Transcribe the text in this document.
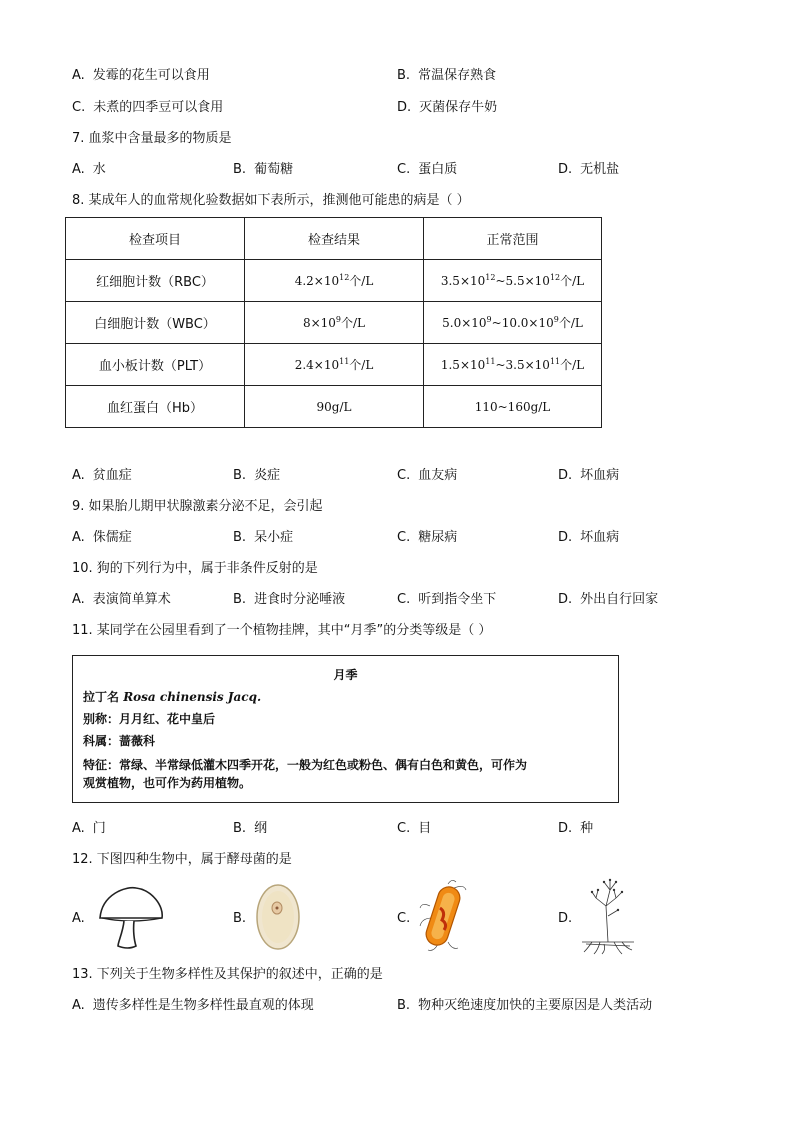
A. 发霉的花生可以食用	B. 常温保存熟食
C. 未煮的四季豆可以食用	D. 灭菌保存牛奶
7. 血浆中含量最多的物质是
A. 水	B. 葡萄糖	C. 蛋白质	D. 无机盐
8. 某成年人的血常规化验数据如下表所示，推测他可能患的病是（ ）
检查项目	检查结果	正常范围
红细胞计数（RBC）	$4.2\times 10^{12}$个/L	$3.5\times 10^{12}\sim 5.5\times 10^{12}$个/L
白细胞计数（WBC）	$8\times 10^9$个/L	$5.0\times 10^9\sim 10.0\times 10^9$个/L
血小板计数（PLT）	$2.4\times 10^{11}$个/L	$1.5\times 10^{11}\sim 3.5\times 10^{11}$个/L
血红蛋白（Hb）	90g/L	110~160g/L
A. 贫血症	B. 炎症	C. 血友病	D. 坏血病
9. 如果胎儿期甲状腺激素分泌不足，会引起
A. 侏儒症	B. 呆小症	C. 糖尿病	D. 坏血病
10. 狗的下列行为中，属于非条件反射的是
A. 表演简单算术	B. 进食时分泌唾液	C. 听到指令坐下	D. 外出自行回家
11. 某同学在公园里看到了一个植物挂牌，其中“月季”的分类等级是（ ）
月季
拉丁名 Rosa chinensis Jacq.
别称：月月红、花中皇后
科属：蔷薇科
特征：常绿、半常绿低灌木四季开花，一般为红色或粉色、偶有白色和黄色，可作为
观赏植物，也可作为药用植物。
A. 门	B. 纲	C. 目	D. 种
12. 下图四种生物中，属于酵母菌的是
A.	B.	C.	D.
13. 下列关于生物多样性及其保护的叙述中，正确的是
A. 遗传多样性是生物多样性最直观的体现	B. 物种灭绝速度加快的主要原因是人类活动
